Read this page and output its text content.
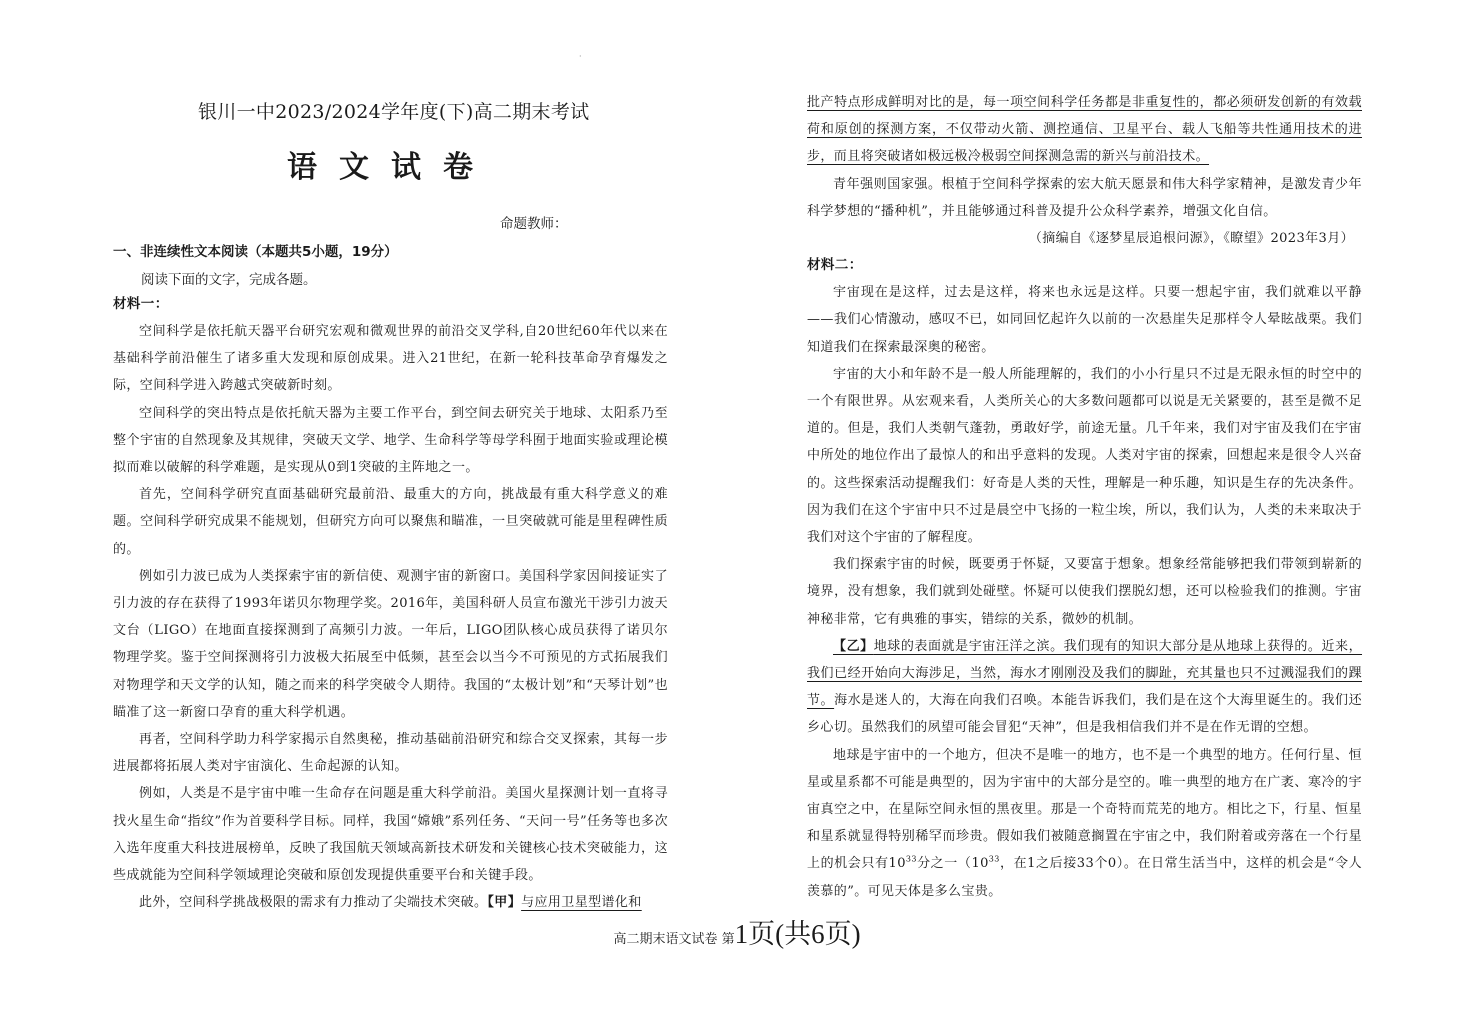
·
银川一中2023/2024学年度(下)高二期末考试
语文试卷
命题教师：
一、非连续性文本阅读（本题共5小题，19分）
阅读下面的文字，完成各题。
材料一：

空间科学是依托航天器平台研究宏观和微观世界的前沿交叉学科,自20世纪60年代以来在基础科学前沿催生了诸多重大发现和原创成果。进入21世纪，在新一轮科技革命孕育爆发之际，空间科学进入跨越式突破新时刻。

空间科学的突出特点是依托航天器为主要工作平台，到空间去研究关于地球、太阳系乃至整个宇宙的自然现象及其规律，突破天文学、地学、生命科学等母学科囿于地面实验或理论模拟而难以破解的科学难题，是实现从0到1突破的主阵地之一。

首先，空间科学研究直面基础研究最前沿、最重大的方向，挑战最有重大科学意义的难题。空间科学研究成果不能规划，但研究方向可以聚焦和瞄准，一旦突破就可能是里程碑性质的。

例如引力波已成为人类探索宇宙的新信使、观测宇宙的新窗口。美国科学家因间接证实了引力波的存在获得了1993年诺贝尔物理学奖。2016年，美国科研人员宣布激光干涉引力波天文台（LIGO）在地面直接探测到了高频引力波。一年后，LIGO团队核心成员获得了诺贝尔物理学奖。鉴于空间探测将引力波极大拓展至中低频，甚至会以当今不可预见的方式拓展我们对物理学和天文学的认知，随之而来的科学突破令人期待。我国的“太极计划”和“天琴计划”也瞄准了这一新窗口孕育的重大科学机遇。

再者，空间科学助力科学家揭示自然奥秘，推动基础前沿研究和综合交叉探索，其每一步进展都将拓展人类对宇宙演化、生命起源的认知。

例如，人类是不是宇宙中唯一生命存在问题是重大科学前沿。美国火星探测计划一直将寻找火星生命“指纹”作为首要科学目标。同样，我国“嫦娥”系列任务、“天问一号”任务等也多次入选年度重大科技进展榜单，反映了我国航天领域高新技术研发和关键核心技术突破能力，这些成就能为空间科学领域理论突破和原创发现提供重要平台和关键手段。

此外，空间科学挑战极限的需求有力推动了尖端技术突破。【甲】与应用卫星型谱化和

批产特点形成鲜明对比的是，每一项空间科学任务都是非重复性的，都必须研发创新的有效载荷和原创的探测方案，不仅带动火箭、测控通信、卫星平台、载人飞船等共性通用技术的进步，而且将突破诸如极远极冷极弱空间探测急需的新兴与前沿技术。

青年强则国家强。根植于空间科学探索的宏大航天愿景和伟大科学家精神，是激发青少年科学梦想的“播种机”，并且能够通过科普及提升公众科学素养，增强文化自信。

（摘编自《逐梦星辰追根问源》，《瞭望》2023年3月）

材料二：

宇宙现在是这样，过去是这样，将来也永远是这样。只要一想起宇宙，我们就难以平静——我们心情激动，感叹不已，如同回忆起许久以前的一次悬崖失足那样令人晕眩战栗。我们知道我们在探索最深奥的秘密。

宇宙的大小和年龄不是一般人所能理解的，我们的小小行星只不过是无限永恒的时空中的一个有限世界。从宏观来看，人类所关心的大多数问题都可以说是无关紧要的，甚至是微不足道的。但是，我们人类朝气蓬勃，勇敢好学，前途无量。几千年来，我们对宇宙及我们在宇宙中所处的地位作出了最惊人的和出乎意料的发现。人类对宇宙的探索，回想起来是很令人兴奋的。这些探索活动提醒我们：好奇是人类的天性，理解是一种乐趣，知识是生存的先决条件。因为我们在这个宇宙中只不过是晨空中飞扬的一粒尘埃，所以，我们认为，人类的未来取决于我们对这个宇宙的了解程度。

我们探索宇宙的时候，既要勇于怀疑，又要富于想象。想象经常能够把我们带领到崭新的境界，没有想象，我们就到处碰壁。怀疑可以使我们摆脱幻想，还可以检验我们的推测。宇宙神秘非常，它有典雅的事实，错综的关系，微妙的机制。

【乙】地球的表面就是宇宙汪洋之滨。我们现有的知识大部分是从地球上获得的。近来，我们已经开始向大海涉足，当然，海水才刚刚没及我们的脚趾，充其量也只不过溅湿我们的踝节。海水是迷人的，大海在向我们召唤。本能告诉我们，我们是在这个大海里诞生的。我们还乡心切。虽然我们的夙望可能会冒犯“天神”，但是我相信我们并不是在作无谓的空想。

地球是宇宙中的一个地方，但决不是唯一的地方，也不是一个典型的地方。任何行星、恒星或星系都不可能是典型的，因为宇宙中的大部分是空的。唯一典型的地方在广袤、寒冷的宇宙真空之中，在星际空间永恒的黑夜里。那是一个奇特而荒芜的地方。相比之下，行星、恒星和星系就显得特别稀罕而珍贵。假如我们被随意搁置在宇宙之中，我们附着或旁落在一个行星上的机会只有$10^{33}$分之一（$10^{33}$，在1之后接33个0）。在日常生活当中，这样的机会是“令人羡慕的”。可见天体是多么宝贵。

高二期末语文试卷 第1页(共6页)
